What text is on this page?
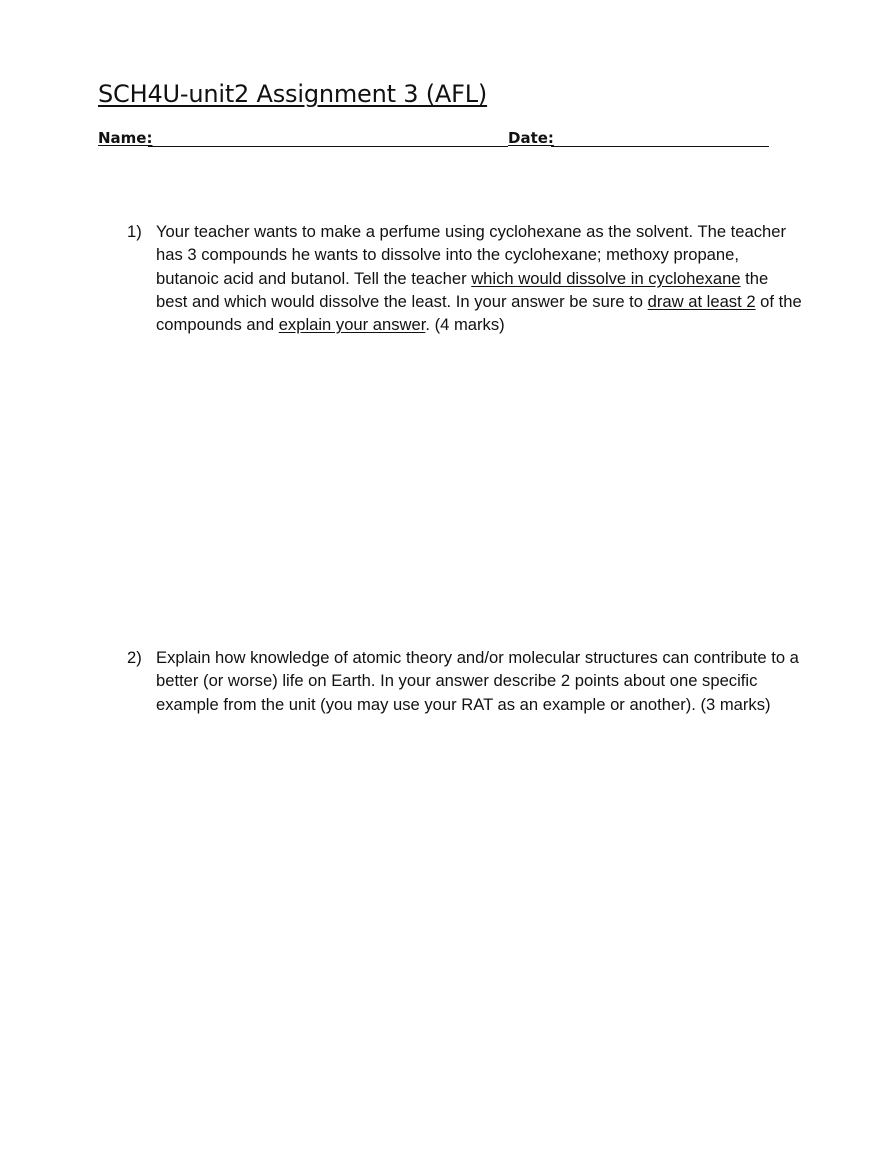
SCH4U-unit2 Assignment 3 (AFL)
Name:	Date:
1) Your teacher wants to make a perfume using cyclohexane as the solvent. The teacher
has 3 compounds he wants to dissolve into the cyclohexane; methoxy propane,
butanoic acid and butanol. Tell the teacher which would dissolve in cyclohexane the
best and which would dissolve the least. In your answer be sure to draw at least 2 of the
compounds and explain your answer. (4 marks)
2) Explain how knowledge of atomic theory and/or molecular structures can contribute to a
better (or worse) life on Earth. In your answer describe 2 points about one specific
example from the unit (you may use your RAT as an example or another). (3 marks)
